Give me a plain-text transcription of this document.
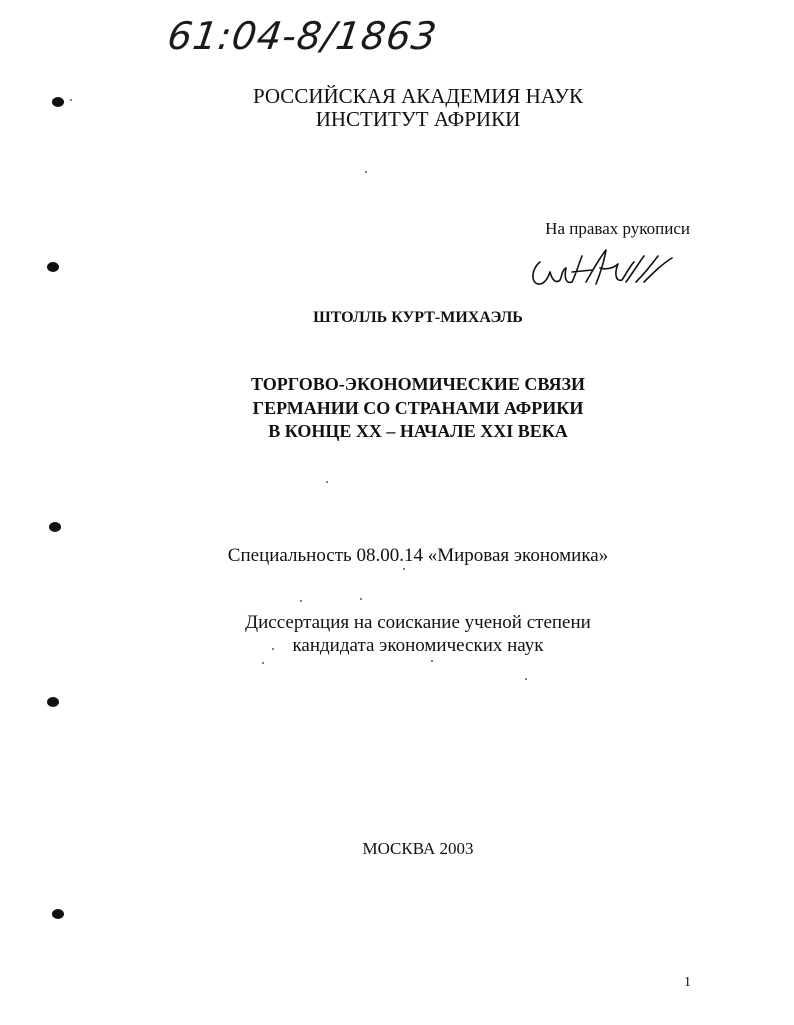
61:04-8/1863
РОССИЙСКАЯ АКАДЕМИЯ НАУК
ИНСТИТУТ АФРИКИ
На правах рукописи
ШТОЛЛЬ КУРТ-МИХАЭЛЬ
ТОРГОВО-ЭКОНОМИЧЕСКИЕ СВЯЗИ
ГЕРМАНИИ СО СТРАНАМИ АФРИКИ
В КОНЦЕ XX – НАЧАЛЕ XXI ВЕКА
Специальность 08.00.14 «Мировая экономика»
Диссертация на соискание ученой степени
кандидата экономических наук
МОСКВА 2003
1
